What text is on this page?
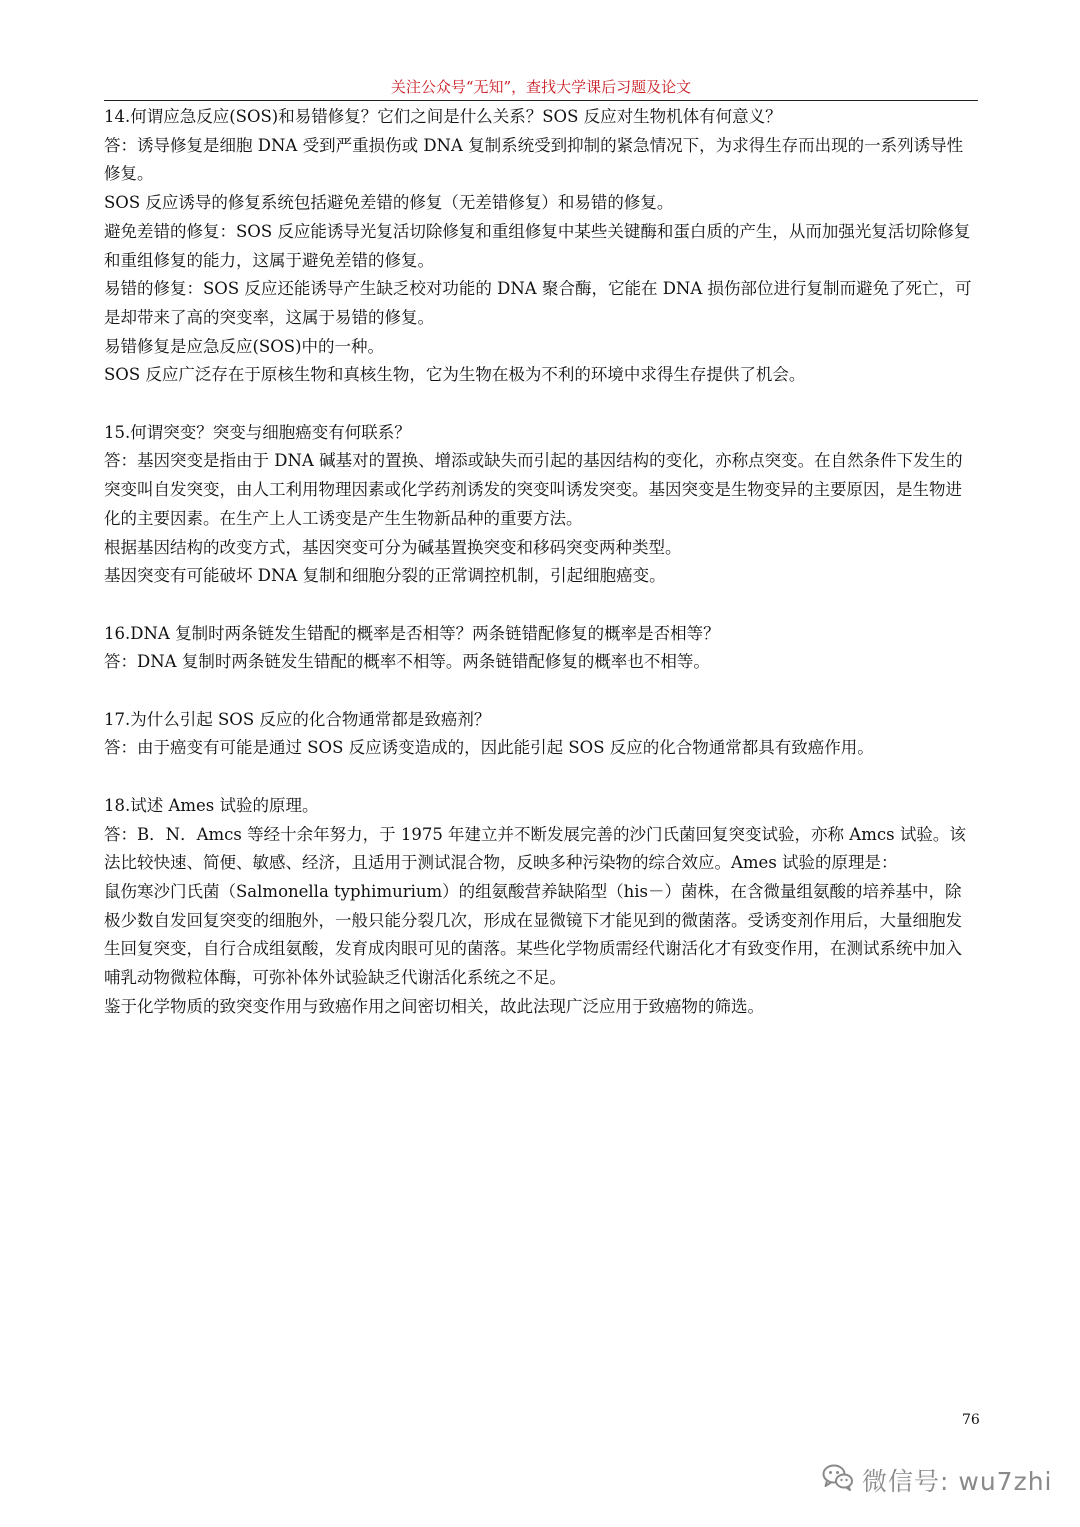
关注公众号“无知”，查找大学课后习题及论文

14.何谓应急反应(SOS)和易错修复？它们之间是什么关系？SOS 反应对生物机体有何意义？

答：诱导修复是细胞 DNA 受到严重损伤或 DNA 复制系统受到抑制的紧急情况下，为求得生存而出现的一系列诱导性修复。

SOS 反应诱导的修复系统包括避免差错的修复（无差错修复）和易错的修复。

避免差错的修复：SOS 反应能诱导光复活切除修复和重组修复中某些关键酶和蛋白质的产生，从而加强光复活切除修复和重组修复的能力，这属于避免差错的修复。

易错的修复：SOS 反应还能诱导产生缺乏校对功能的 DNA 聚合酶，它能在 DNA 损伤部位进行复制而避免了死亡，可是却带来了高的突变率，这属于易错的修复。

易错修复是应急反应(SOS)中的一种。

SOS 反应广泛存在于原核生物和真核生物，它为生物在极为不利的环境中求得生存提供了机会。

15.何谓突变？突变与细胞癌变有何联系？

答：基因突变是指由于 DNA 碱基对的置换、增添或缺失而引起的基因结构的变化，亦称点突变。在自然条件下发生的突变叫自发突变，由人工利用物理因素或化学药剂诱发的突变叫诱发突变。基因突变是生物变异的主要原因，是生物进化的主要因素。在生产上人工诱变是产生生物新品种的重要方法。

根据基因结构的改变方式，基因突变可分为碱基置换突变和移码突变两种类型。

基因突变有可能破坏 DNA 复制和细胞分裂的正常调控机制，引起细胞癌变。

16.DNA 复制时两条链发生错配的概率是否相等？两条链错配修复的概率是否相等？

答：DNA 复制时两条链发生错配的概率不相等。两条链错配修复的概率也不相等。

17.为什么引起 SOS 反应的化合物通常都是致癌剂？

答：由于癌变有可能是通过 SOS 反应诱变造成的，因此能引起 SOS 反应的化合物通常都具有致癌作用。

18.试述 Ames 试验的原理。

答：B．N．Amcs 等经十余年努力，于 1975 年建立并不断发展完善的沙门氏菌回复突变试验，亦称 Amcs 试验。该法比较快速、简便、敏感、经济，且适用于测试混合物，反映多种污染物的综合效应。Ames 试验的原理是：

鼠伤寒沙门氏菌（Salmonella typhimurium）的组氨酸营养缺陷型（his－）菌株，在含微量组氨酸的培养基中，除极少数自发回复突变的细胞外，一般只能分裂几次，形成在显微镜下才能见到的微菌落。受诱变剂作用后，大量细胞发生回复突变，自行合成组氨酸，发育成肉眼可见的菌落。某些化学物质需经代谢活化才有致变作用，在测试系统中加入哺乳动物微粒体酶，可弥补体外试验缺乏代谢活化系统之不足。

鉴于化学物质的致突变作用与致癌作用之间密切相关，故此法现广泛应用于致癌物的筛选。

76
微信号: wu7zhi
